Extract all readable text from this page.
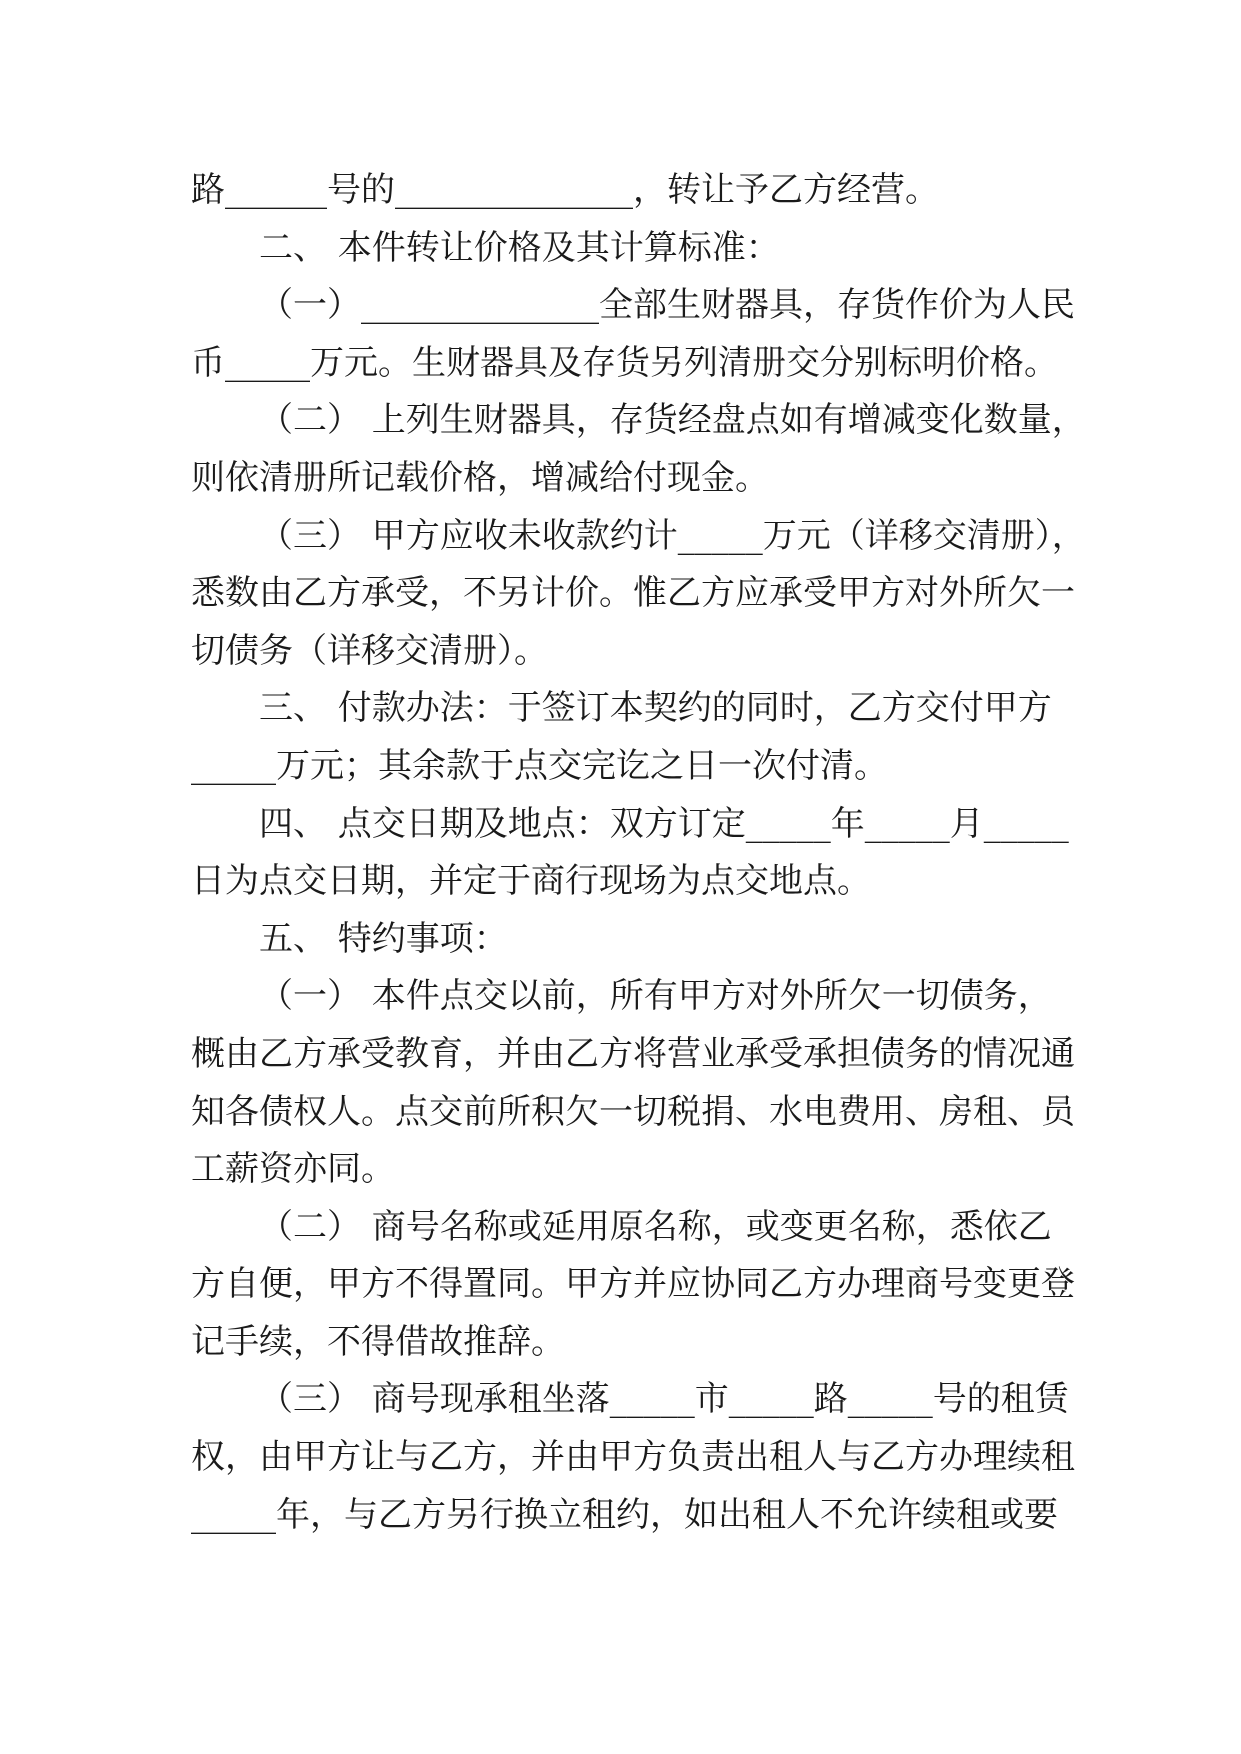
路______号的______________，转让予乙方经营。
二、 本件转让价格及其计算标准：
（一）______________全部生财器具，存货作价为人民
币_____万元。生财器具及存货另列清册交分别标明价格。
（二） 上列生财器具，存货经盘点如有增减变化数量，
则依清册所记载价格，增减给付现金。
（三） 甲方应收未收款约计_____万元（详移交清册），
悉数由乙方承受，不另计价。惟乙方应承受甲方对外所欠一
切债务（详移交清册）。
三、 付款办法：于签订本契约的同时，乙方交付甲方
_____万元；其余款于点交完讫之日一次付清。
四、 点交日期及地点：双方订定_____年_____月_____
日为点交日期，并定于商行现场为点交地点。
五、 特约事项：
（一） 本件点交以前，所有甲方对外所欠一切债务，
概由乙方承受教育，并由乙方将营业承受承担债务的情况通
知各债权人。点交前所积欠一切税捐、水电费用、房租、员
工薪资亦同。
（二） 商号名称或延用原名称，或变更名称，悉依乙
方自便，甲方不得置同。甲方并应协同乙方办理商号变更登
记手续，不得借故推辞。
（三） 商号现承租坐落_____市_____路_____号的租赁
权，由甲方让与乙方，并由甲方负责出租人与乙方办理续租
_____年，与乙方另行换立租约，如出租人不允许续租或要
